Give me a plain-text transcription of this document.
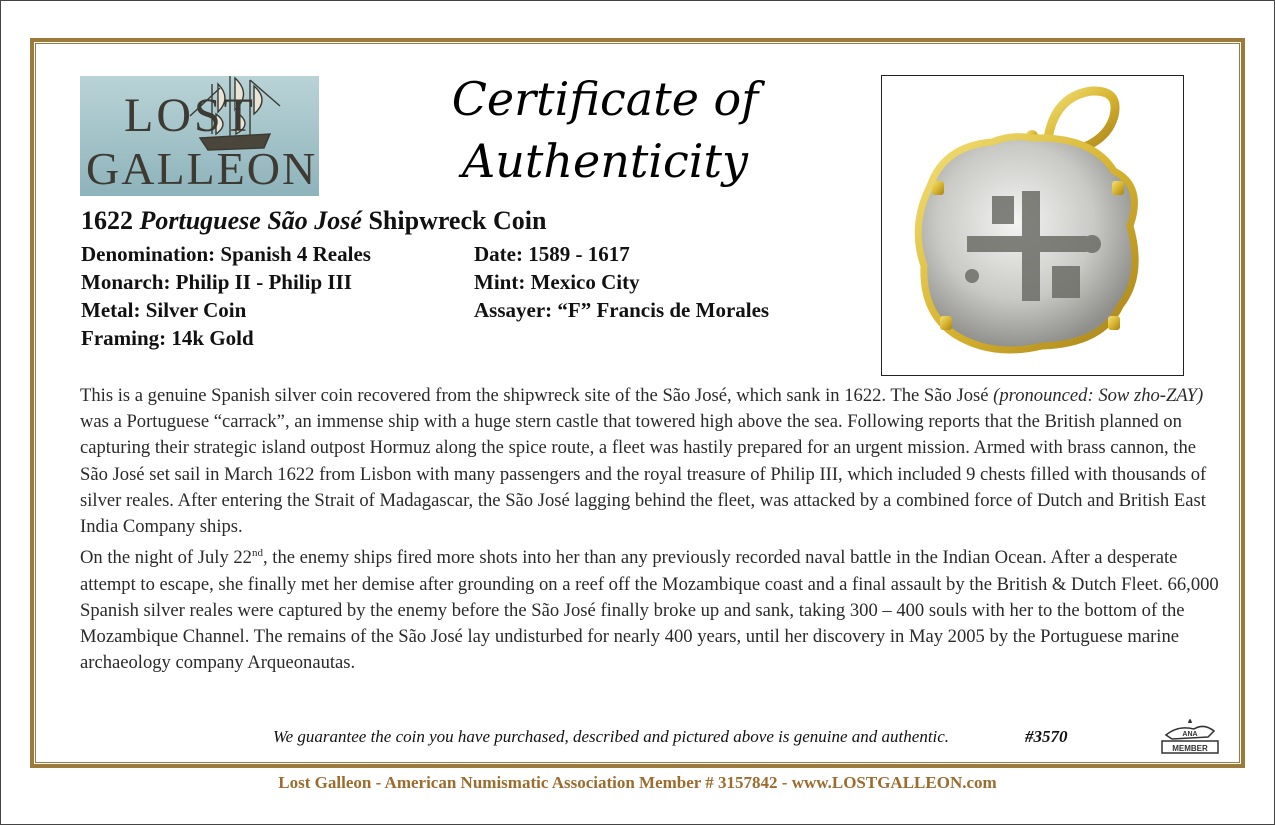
LOST
GALLEON
Certificate of
Authenticity
1622 Portuguese São José Shipwreck Coin
Denomination: Spanish 4 Reales
Monarch: Philip II - Philip III
Metal: Silver Coin
Framing: 14k Gold
Date: 1589 - 1617
Mint: Mexico City
Assayer: “F” Francis de Morales

This is a genuine Spanish silver coin recovered from the shipwreck site of the São José, which sank in 1622. The São José (pronounced: Sow zho-ZAY) was a Portuguese “carrack”, an immense ship with a huge stern castle that towered high above the sea. Following reports that the British planned on capturing their strategic island outpost Hormuz along the spice route, a fleet was hastily prepared for an urgent mission. Armed with brass cannon, the São José set sail in March 1622 from Lisbon with many passengers and the royal treasure of Philip III, which included 9 chests filled with thousands of silver reales. After entering the Strait of Madagascar, the São José lagging behind the fleet, was attacked by a combined force of Dutch and British East India Company ships.

On the night of July 22nd, the enemy ships fired more shots into her than any previously recorded naval battle in the Indian Ocean. After a desperate attempt to escape, she finally met her demise after grounding on a reef off the Mozambique coast and a final assault by the British & Dutch Fleet. 66,000 Spanish silver reales were captured by the enemy before the São José finally broke up and sank, taking 300 – 400 souls with her to the bottom of the Mozambique Channel. The remains of the São José lay undisturbed for nearly 400 years, until her discovery in May 2005 by the Portuguese marine archaeology company Arqueonautas.

We guarantee the coin you have purchased, described and pictured above is genuine and authentic.	#3570	ANA
MEMBER
Lost Galleon - American Numismatic Association Member # 3157842 - www.LOSTGALLEON.com
